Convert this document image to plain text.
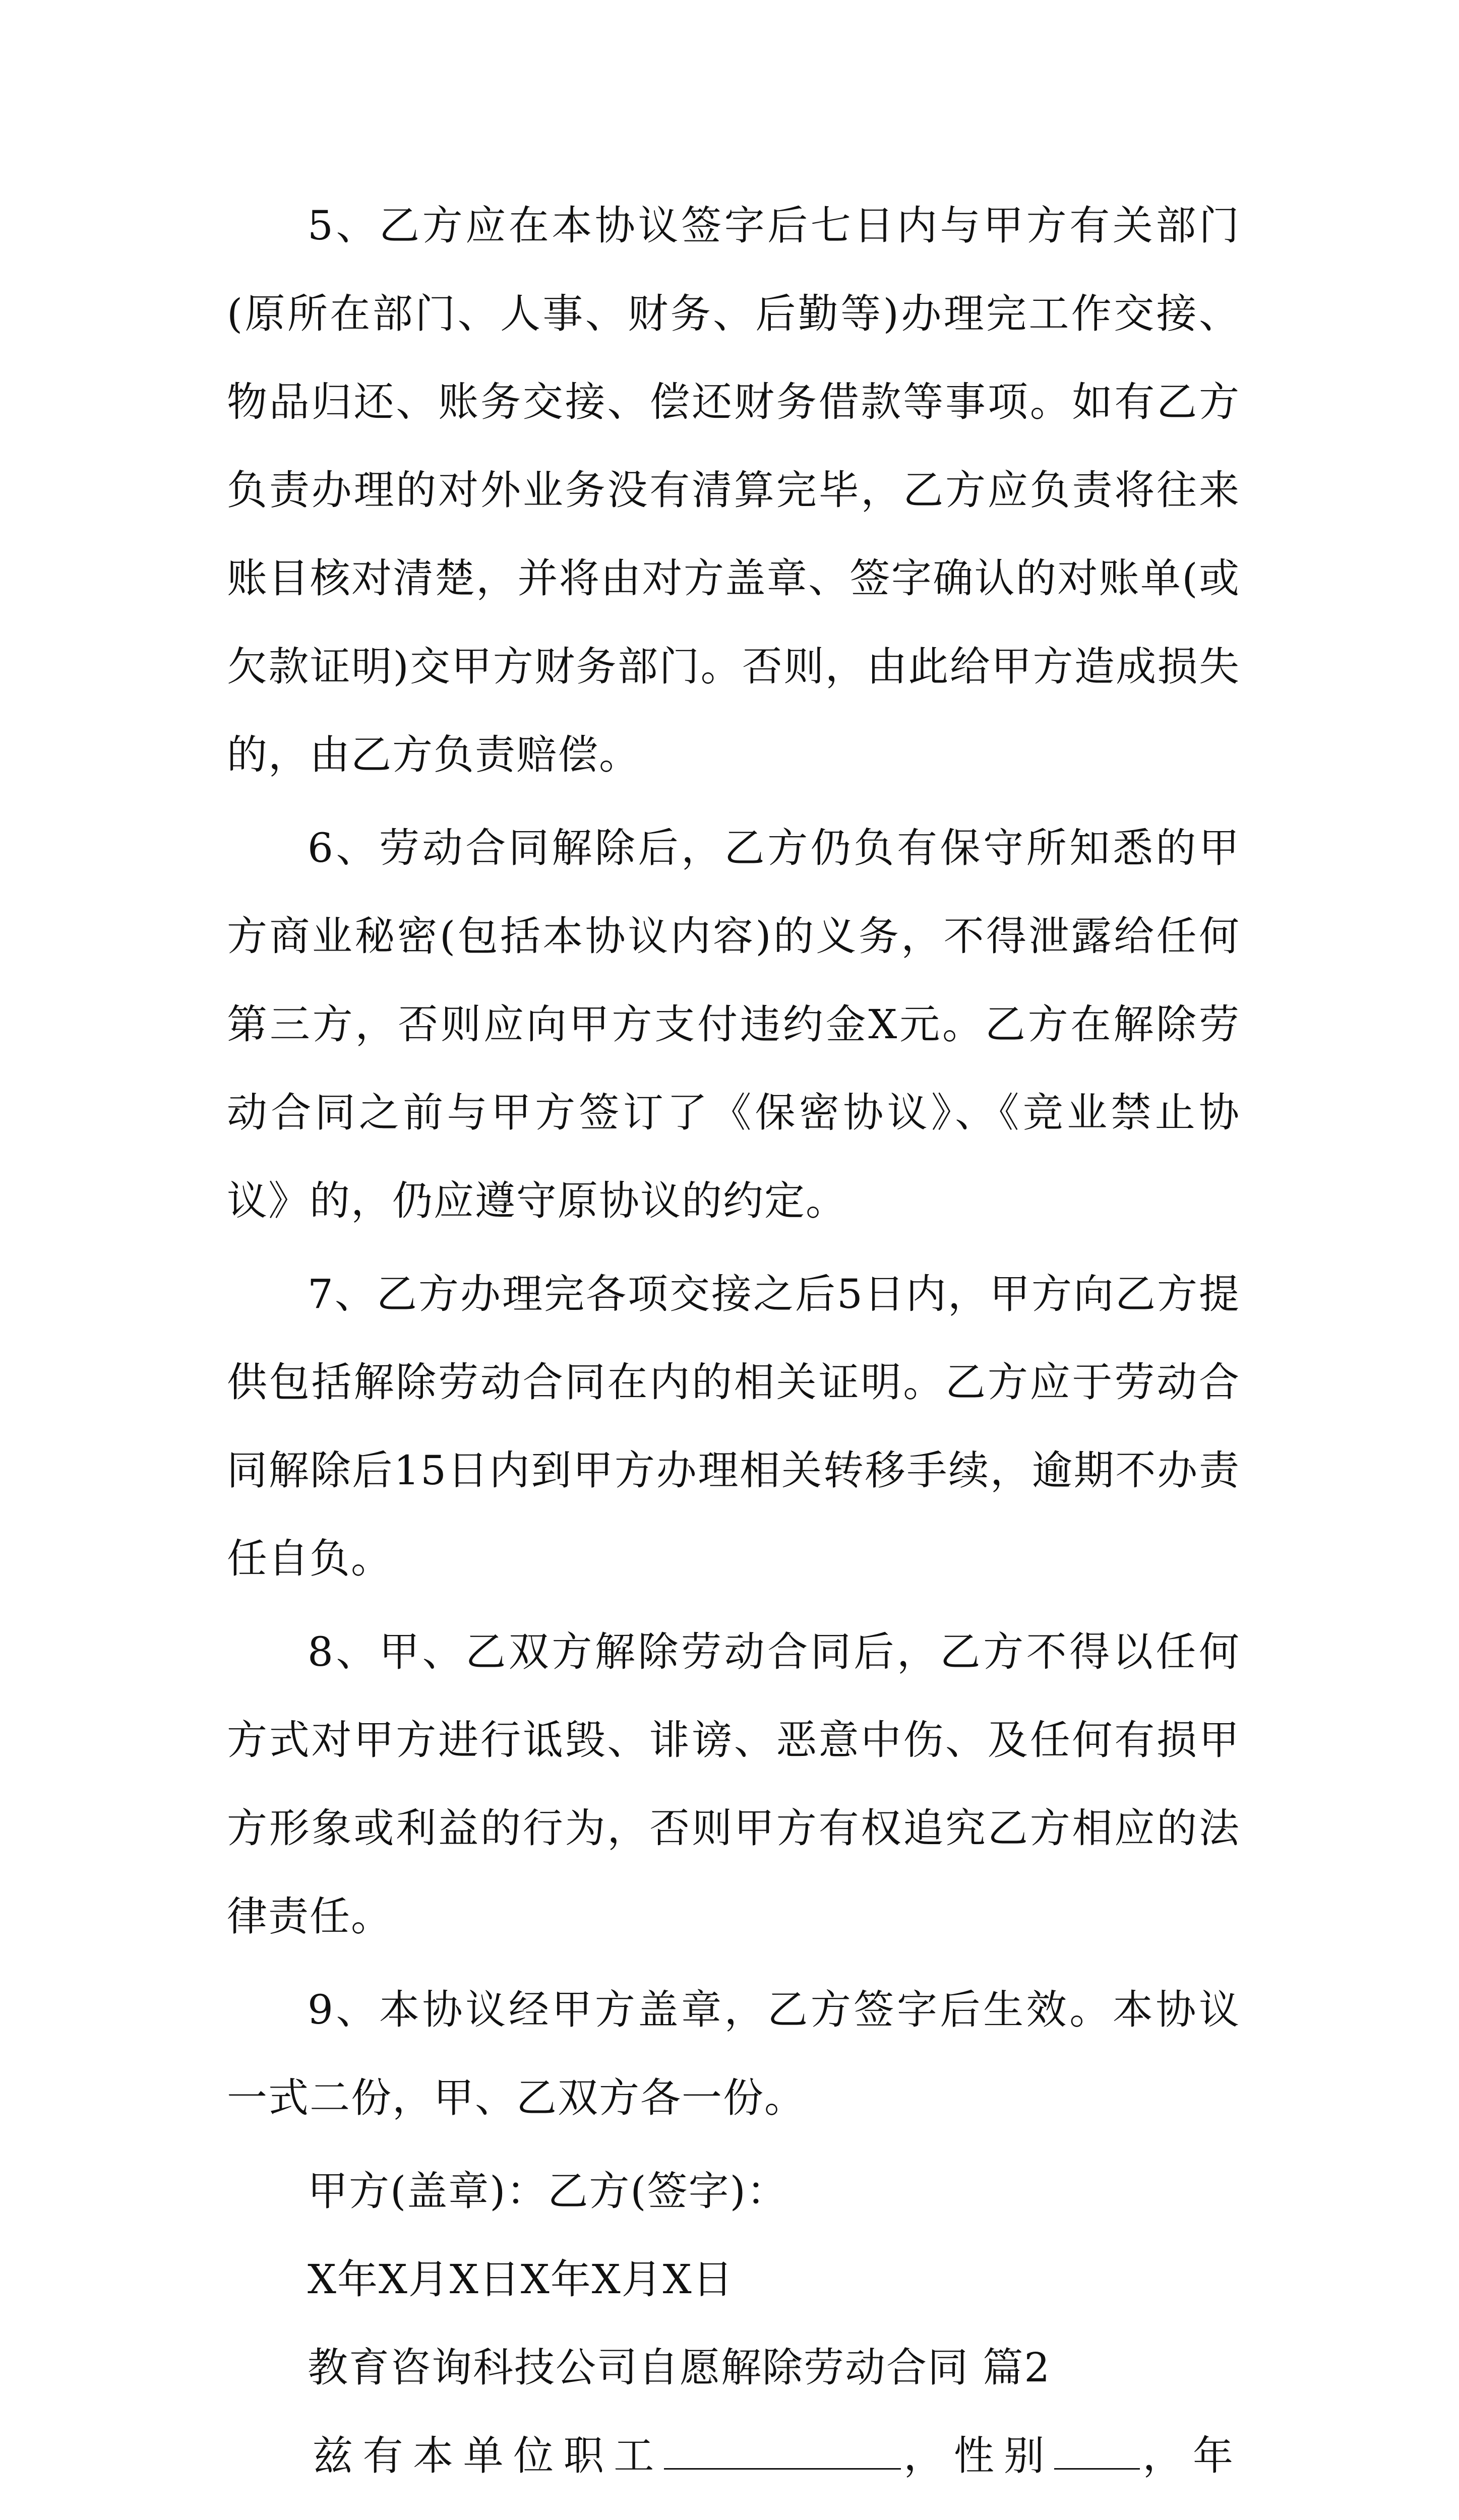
5、乙方应在本协议签字后七日内与甲方有关部门(原所在部门、人事、财务、后勤等)办理完工作交接、物品归还、账务交接、偿还财务借款等事项。如有乙方负责办理的对外业务没有清算完毕，乙方应负责将往来账目核对清楚，并将由对方盖章、签字确认的对账单(或欠款证明)交甲方财务部门。否则，由此给甲方造成损失的，由乙方负责赔偿。

6、劳动合同解除后，乙方仍负有保守所知悉的甲方商业秘密(包括本协议内容)的义务，不得泄露给任何第三方，否则应向甲方支付违约金X元。乙方在解除劳动合同之前与甲方签订了《保密协议》、《竞业禁止协议》的，仍应遵守原协议的约定。

7、乙方办理完各项交接之后5日内，甲方向乙方提供包括解除劳动合同在内的相关证明。乙方应于劳动合同解除后15日内到甲方办理相关转移手续，逾期不办责任自负。

8、甲、乙双方解除劳动合同后，乙方不得以任何方式对甲方进行诋毁、诽谤、恶意中伤、及任何有损甲方形象或利益的行为，否则甲方有权追究乙方相应的法律责任。

9、本协议经甲方盖章，乙方签字后生效。本协议一式二份，甲、乙双方各一份。

甲方(盖章)：乙方(签字)：

X年X月X日X年X月X日

教育咨询科技公司自愿解除劳动合同 篇2

兹有本单位职工	，性别 ，年
